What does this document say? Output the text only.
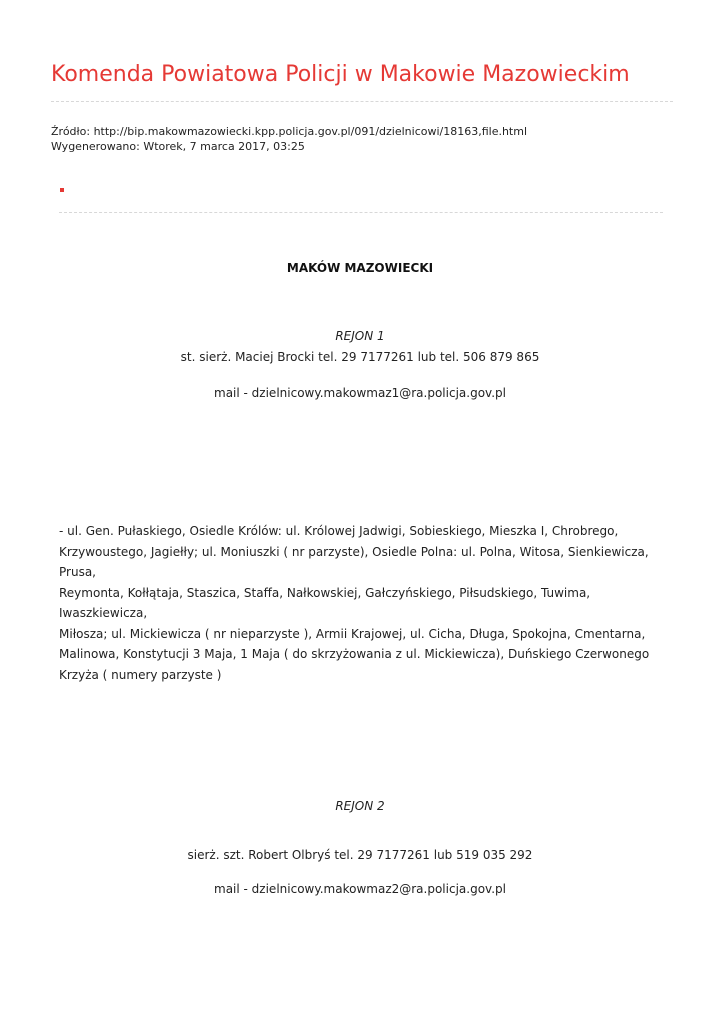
Komenda Powiatowa Policji w Makowie Mazowieckim
Źródło: http://bip.makowmazowiecki.kpp.policja.gov.pl/091/dzielnicowi/18163,file.html
Wygenerowano: Wtorek, 7 marca 2017, 03:25
MAKÓW MAZOWIECKI
REJON 1
st. sierż. Maciej Brocki tel. 29 7177261 lub tel. 506 879 865
mail - dzielnicowy.makowmaz1@ra.policja.gov.pl
- ul. Gen. Pułaskiego, Osiedle Królów: ul. Królowej Jadwigi, Sobieskiego, Mieszka I, Chrobrego,
Krzywoustego, Jagiełły; ul. Moniuszki ( nr parzyste), Osiedle Polna: ul. Polna, Witosa, Sienkiewicza, Prusa,
Reymonta, Kołłątaja, Staszica, Staffa, Nałkowskiej, Gałczyńskiego, Piłsudskiego, Tuwima, Iwaszkiewicza,
Miłosza; ul. Mickiewicza ( nr nieparzyste ), Armii Krajowej, ul. Cicha, Długa, Spokojna, Cmentarna,
Malinowa, Konstytucji 3 Maja, 1 Maja ( do skrzyżowania z ul. Mickiewicza), Duńskiego Czerwonego
Krzyża ( numery parzyste )
REJON 2
sierż. szt. Robert Olbryś tel. 29 7177261 lub 519 035 292
mail - dzielnicowy.makowmaz2@ra.policja.gov.pl
